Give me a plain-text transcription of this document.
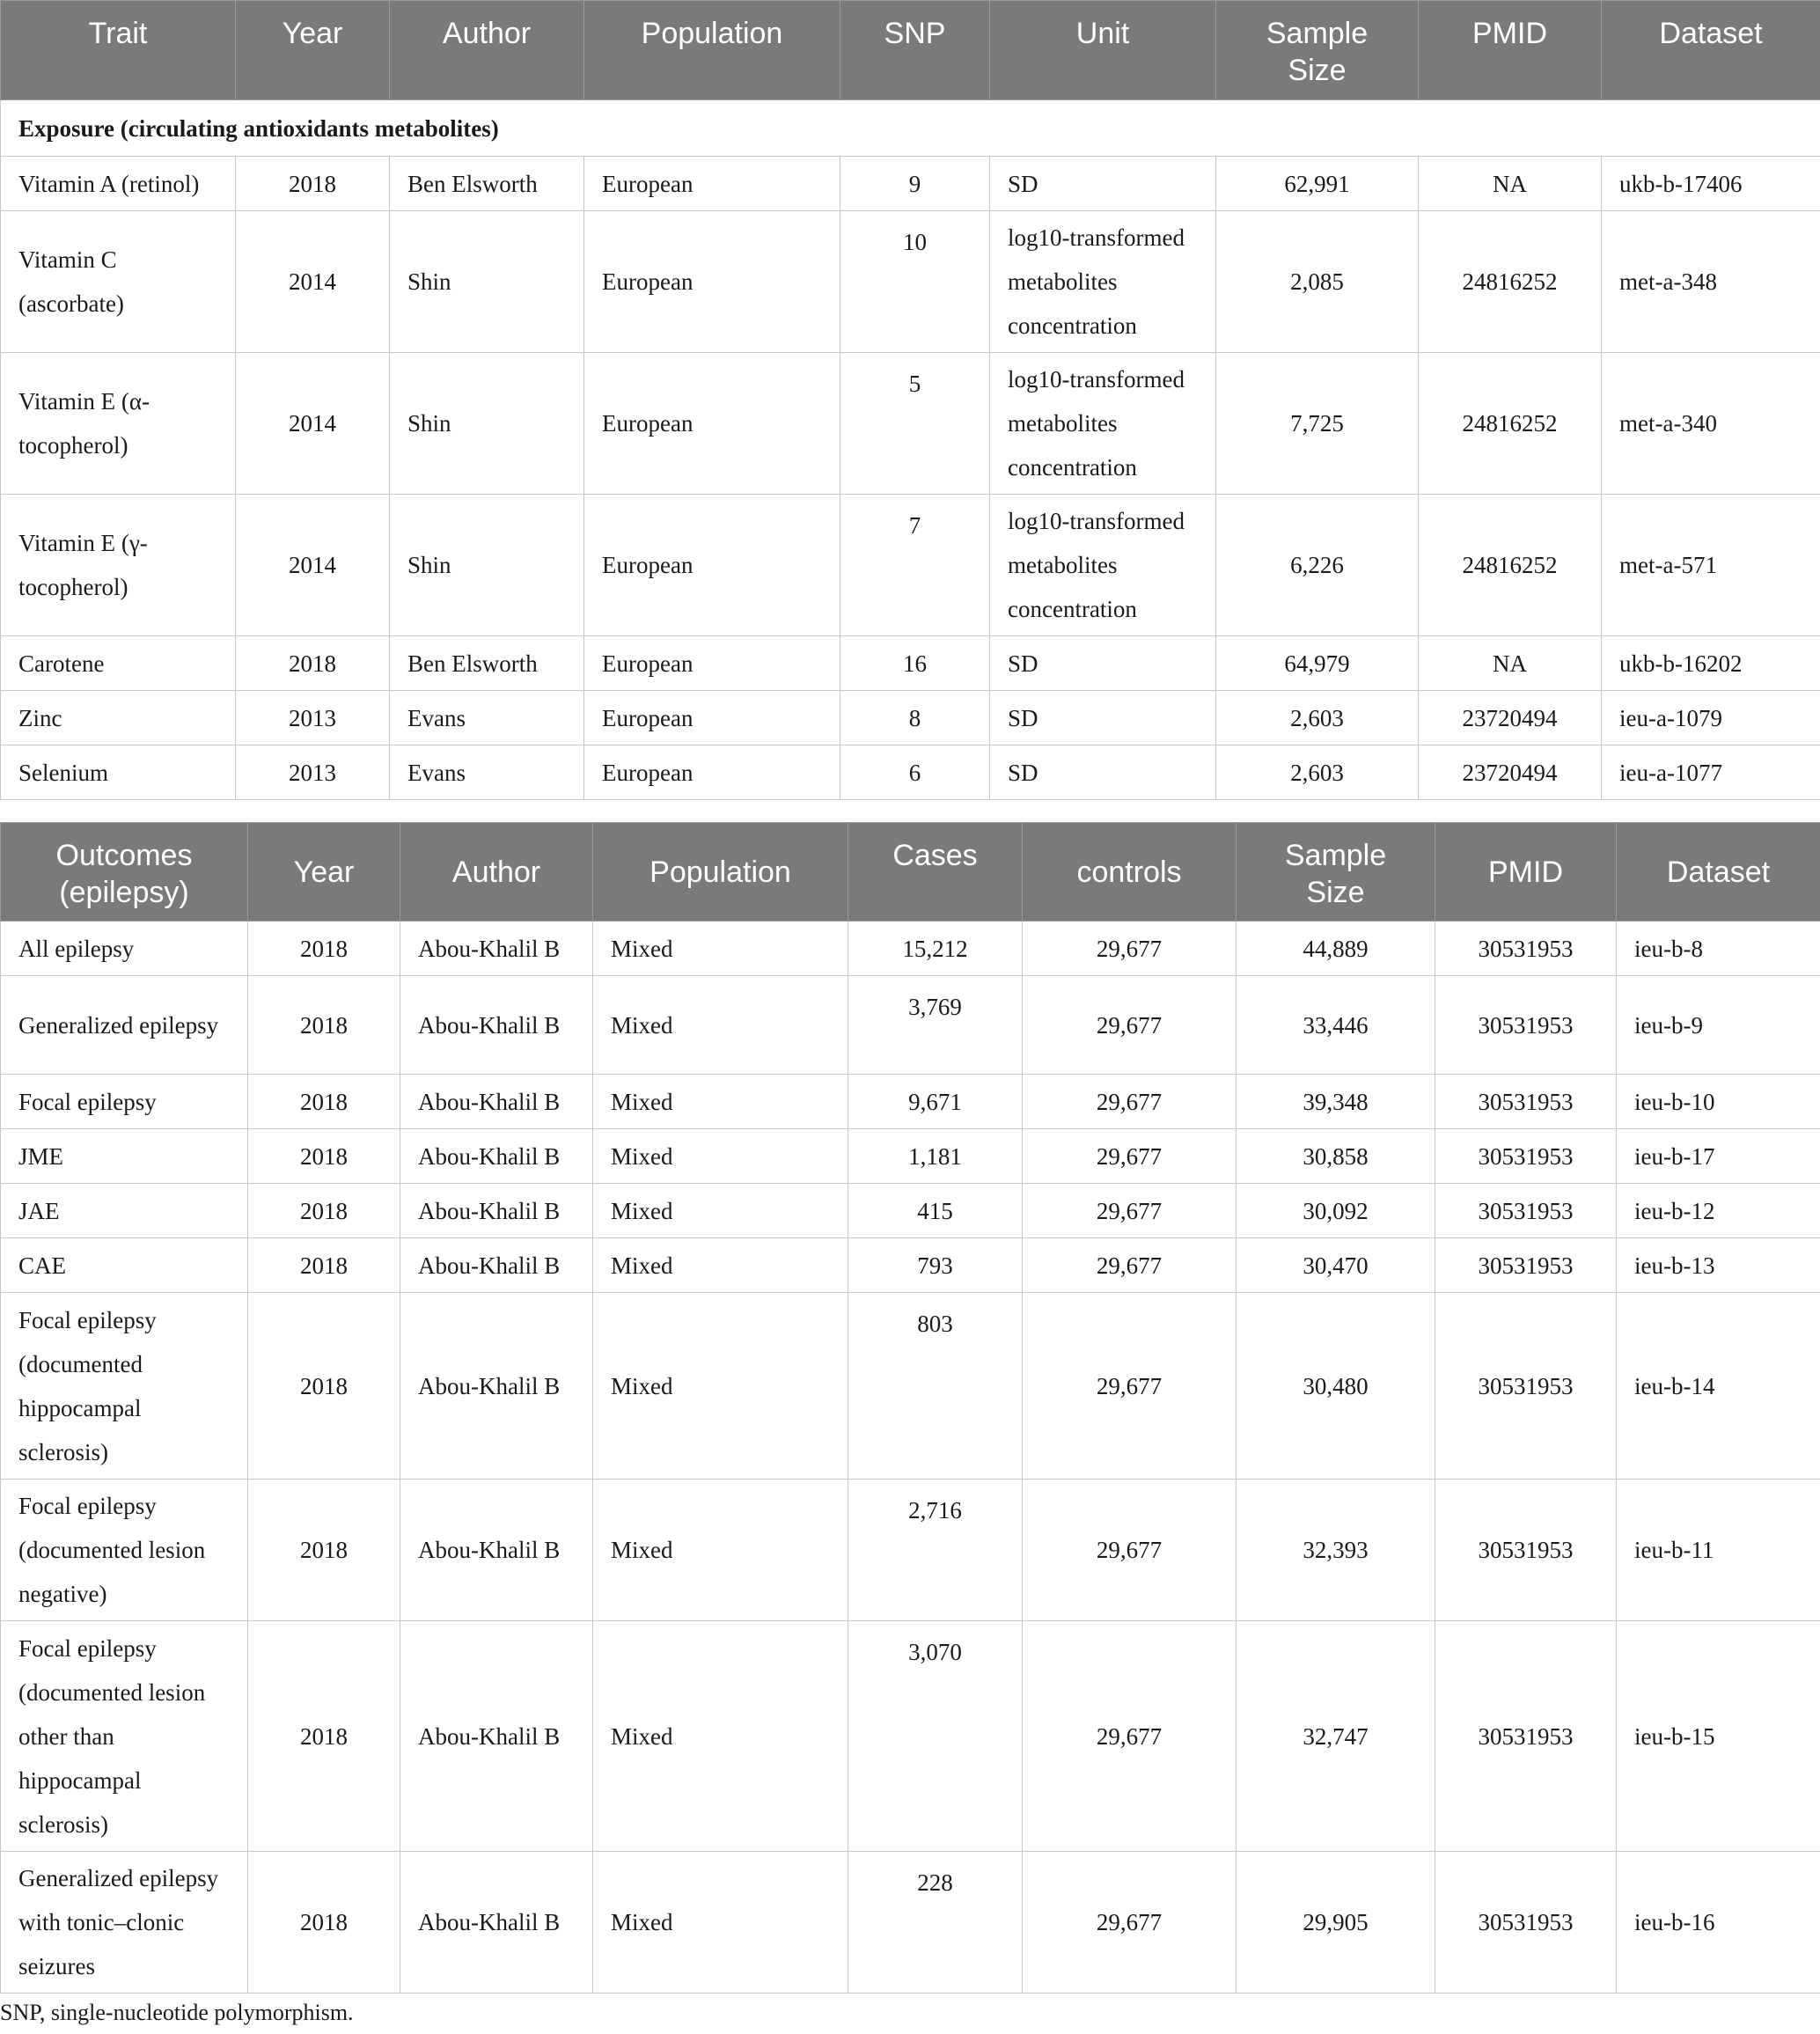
Trait	Year	Author	Population	SNP	Unit	Sample Size	PMID	Dataset
Exposure (circulating antioxidants metabolites)								
Vitamin A (retinol)	2018	Ben Elsworth	European	9	SD	62,991	NA	ukb-b-17406
Vitamin C (ascorbate)	2014	Shin	European	10	log10-transformed metabolites concentration	2,085	24816252	met-a-348
Vitamin E (α-tocopherol)	2014	Shin	European	5	log10-transformed metabolites concentration	7,725	24816252	met-a-340
Vitamin E (γ-tocopherol)	2014	Shin	European	7	log10-transformed metabolites concentration	6,226	24816252	met-a-571
Carotene	2018	Ben Elsworth	European	16	SD	64,979	NA	ukb-b-16202
Zinc	2013	Evans	European	8	SD	2,603	23720494	ieu-a-1079
Selenium	2013	Evans	European	6	SD	2,603	23720494	ieu-a-1077
Outcomes (epilepsy)	Year	Author	Population	Cases	controls	Sample Size	PMID	Dataset
All epilepsy	2018	Abou-Khalil B	Mixed	15,212	29,677	44,889	30531953	ieu-b-8
Generalized epilepsy	2018	Abou-Khalil B	Mixed	3,769	29,677	33,446	30531953	ieu-b-9
Focal epilepsy	2018	Abou-Khalil B	Mixed	9,671	29,677	39,348	30531953	ieu-b-10
JME	2018	Abou-Khalil B	Mixed	1,181	29,677	30,858	30531953	ieu-b-17
JAE	2018	Abou-Khalil B	Mixed	415	29,677	30,092	30531953	ieu-b-12
CAE	2018	Abou-Khalil B	Mixed	793	29,677	30,470	30531953	ieu-b-13
Focal epilepsy (documented hippocampal sclerosis)	2018	Abou-Khalil B	Mixed	803	29,677	30,480	30531953	ieu-b-14
Focal epilepsy (documented lesion negative)	2018	Abou-Khalil B	Mixed	2,716	29,677	32,393	30531953	ieu-b-11
Focal epilepsy (documented lesion other than hippocampal sclerosis)	2018	Abou-Khalil B	Mixed	3,070	29,677	32,747	30531953	ieu-b-15
Generalized epilepsy with tonic–clonic seizures	2018	Abou-Khalil B	Mixed	228	29,677	29,905	30531953	ieu-b-16
SNP, single-nucleotide polymorphism.
